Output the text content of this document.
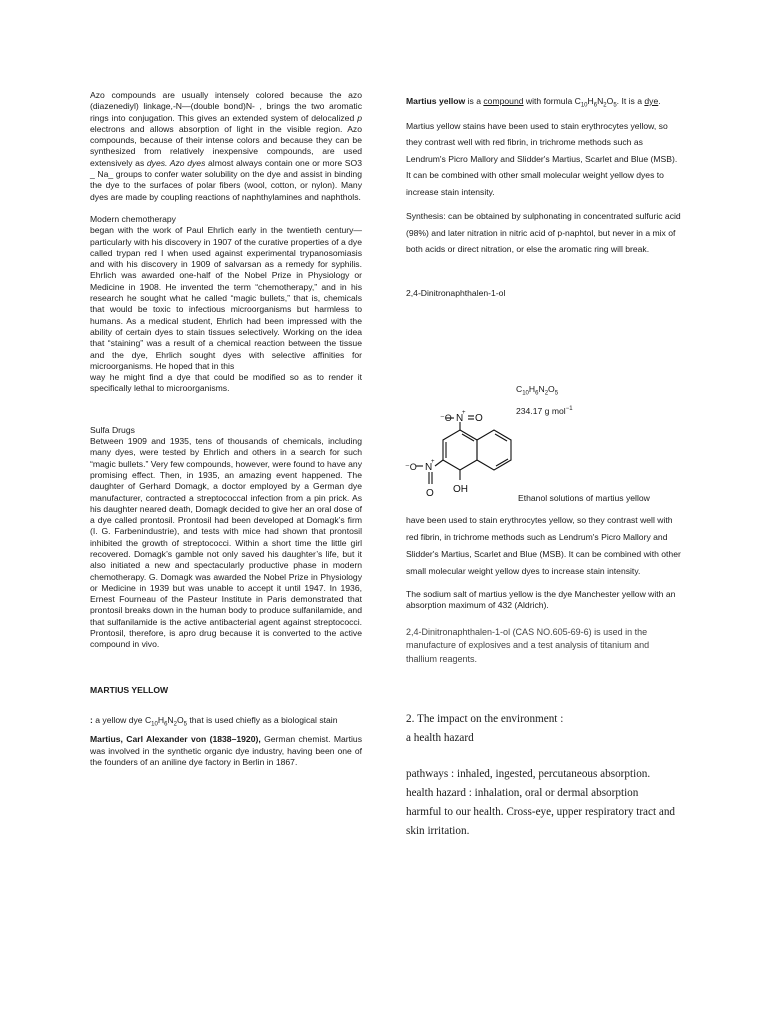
Azo compounds are usually intensely colored because the azo (diazenediyl) linkage,-N—(double bond)N- , brings the two aromatic rings into conjugation. This gives an extended system of delocalized p electrons and allows absorption of light in the visible region. Azo compounds, because of their intense colors and because they can be synthesized from relatively inexpensive compounds, are used extensively as dyes. Azo dyes almost always contain one or more SO3 _ Na_ groups to confer water solubility on the dye and assist in binding the dye to the surfaces of polar fibers (wool, cotton, or nylon). Many dyes are made by coupling reactions of naphthylamines and naphthols.

Modern chemotherapy

began with the work of Paul Ehrlich early in the twentieth century—particularly with his discovery in 1907 of the curative properties of a dye called trypan red I when used against experimental trypanosomiasis and with his discovery in 1909 of salvarsan as a remedy for syphilis. Ehrlich was awarded one-half of the Nobel Prize in Physiology or Medicine in 1908. He invented the term “chemotherapy,” and in his research he sought what he called “magic bullets,” that is, chemicals that would be toxic to infectious microorganisms but harmless to humans. As a medical student, Ehrlich had been impressed with the ability of certain dyes to stain tissues selectively. Working on the idea that “staining” was a result of a chemical reaction between the tissue and the dye, Ehrlich sought dyes with selective affinities for microorganisms. He hoped that in this

way he might find a dye that could be modified so as to render it specifically lethal to microorganisms.

Sulfa Drugs

Between 1909 and 1935, tens of thousands of chemicals, including many dyes, were tested by Ehrlich and others in a search for such “magic bullets.” Very few compounds, however, were found to have any promising effect. Then, in 1935, an amazing event happened. The daughter of Gerhard Domagk, a doctor employed by a German dye manufacturer, contracted a streptococcal infection from a pin prick. As his daughter neared death, Domagk decided to give her an oral dose of a dye called prontosil. Prontosil had been developed at Domagk’s firm (I. G. Farbenindustrie), and tests with mice had shown that prontosil inhibited the growth of streptococci. Within a short time the little girl recovered. Domagk’s gamble not only saved his daughter’s life, but it also initiated a new and spectacularly productive phase in modern chemotherapy. G. Domagk was awarded the Nobel Prize in Physiology or Medicine in 1939 but was unable to accept it until 1947. In 1936, Ernest Fourneau of the Pasteur Institute in Paris demonstrated that prontosil breaks down in the human body to produce sulfanilamide, and that sulfanilamide is the active antibacterial agent against streptococci. Prontosil, therefore, is apro drug because it is converted to the active compound in vivo.

MARTIUS YELLOW

: a yellow dye $C_{10}H_6N_2O_5$ that is used chiefly as a biological stain

Martius, Carl Alexander von (1838–1920), German chemist. Martius was involved in the synthetic organic dye industry, having been one of the founders of an aniline dye factory in Berlin in 1867.

Martius yellow is a compound with formula $C_{10}H_6N_2O_5$. It is a dye.

Martius yellow stains have been used to stain erythrocytes yellow, so they contrast well with red fibrin, in trichrome methods such as Lendrum's Picro Mallory and Slidder's Martius, Scarlet and Blue (MSB). It can be combined with other small molecular weight yellow dyes to increase stain intensity.

Synthesis: can be obtained by sulphonating in concentrated sulfuric acid (98%) and later nitration in nitric acid of p-naphtol, but never in a mix of both acids or direct nitration, or else the aromatic ring will break.

2,4-Dinitronaphthalen-1-ol

$C_{10}H_6N_2O_5$
234.17 g mol$^{-1}$
⁻O N
+ O
⁻O N
+
O OH

Ethanol solutions of martius yellow

have been used to stain erythrocytes yellow, so they contrast well with red fibrin, in trichrome methods such as Lendrum's Picro Mallory and Slidder's Martius, Scarlet and Blue (MSB). It can be combined with other small molecular weight yellow dyes to increase stain intensity.

The sodium salt of martius yellow is the dye Manchester yellow with an absorption maximum of 432 (Aldrich).

2,4-Dinitronaphthalen-1-ol (CAS NO.605-69-6) is used in the manufacture of explosives and a test analysis of titanium and thallium reagents.

2. The impact on the environment :

a health hazard

pathways : inhaled, ingested, percutaneous absorption.

health hazard : inhalation, oral or dermal absorption

harmful to our health. Cross-eye, upper respiratory tract and skin irritation.
